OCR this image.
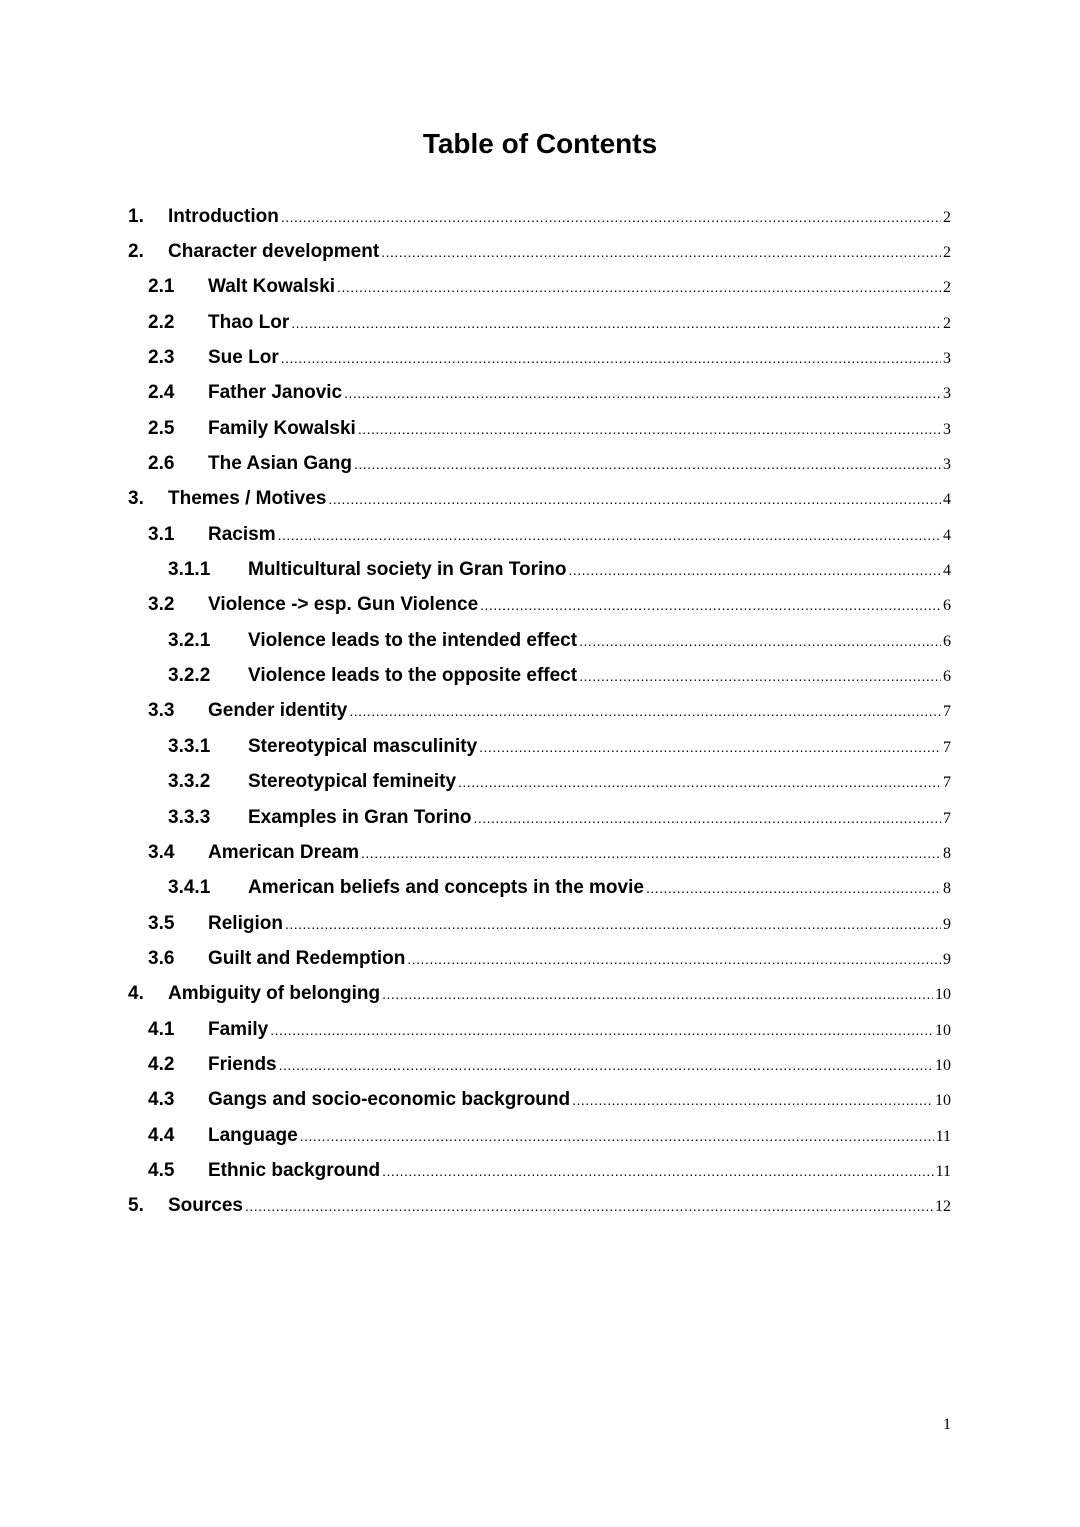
Table of Contents
1. Introduction .....	2
2. Character development .....	2
2.1 Walt Kowalski .....	2
2.2 Thao Lor .....	2
2.3 Sue Lor .....	3
2.4 Father Janovic .....	3
2.5 Family Kowalski .....	3
2.6 The Asian Gang .....	3
3. Themes / Motives .....	4
3.1 Racism .....	4
3.1.1 Multicultural society in Gran Torino .....	4
3.2 Violence -> esp. Gun Violence .....	6
3.2.1 Violence leads to the intended effect .....	6
3.2.2 Violence leads to the opposite effect .....	6
3.3 Gender identity .....	7
3.3.1 Stereotypical masculinity .....	7
3.3.2 Stereotypical femineity .....	7
3.3.3 Examples in Gran Torino .....	7
3.4 American Dream .....	8
3.4.1 American beliefs and concepts in the movie .....	8
3.5 Religion .....	9
3.6 Guilt and Redemption .....	9
4. Ambiguity of belonging .....	10
4.1 Family .....	10
4.2 Friends .....	10
4.3 Gangs and socio-economic background .....	10
4.4 Language .....	11
4.5 Ethnic background .....	11
5. Sources .....	12
1
